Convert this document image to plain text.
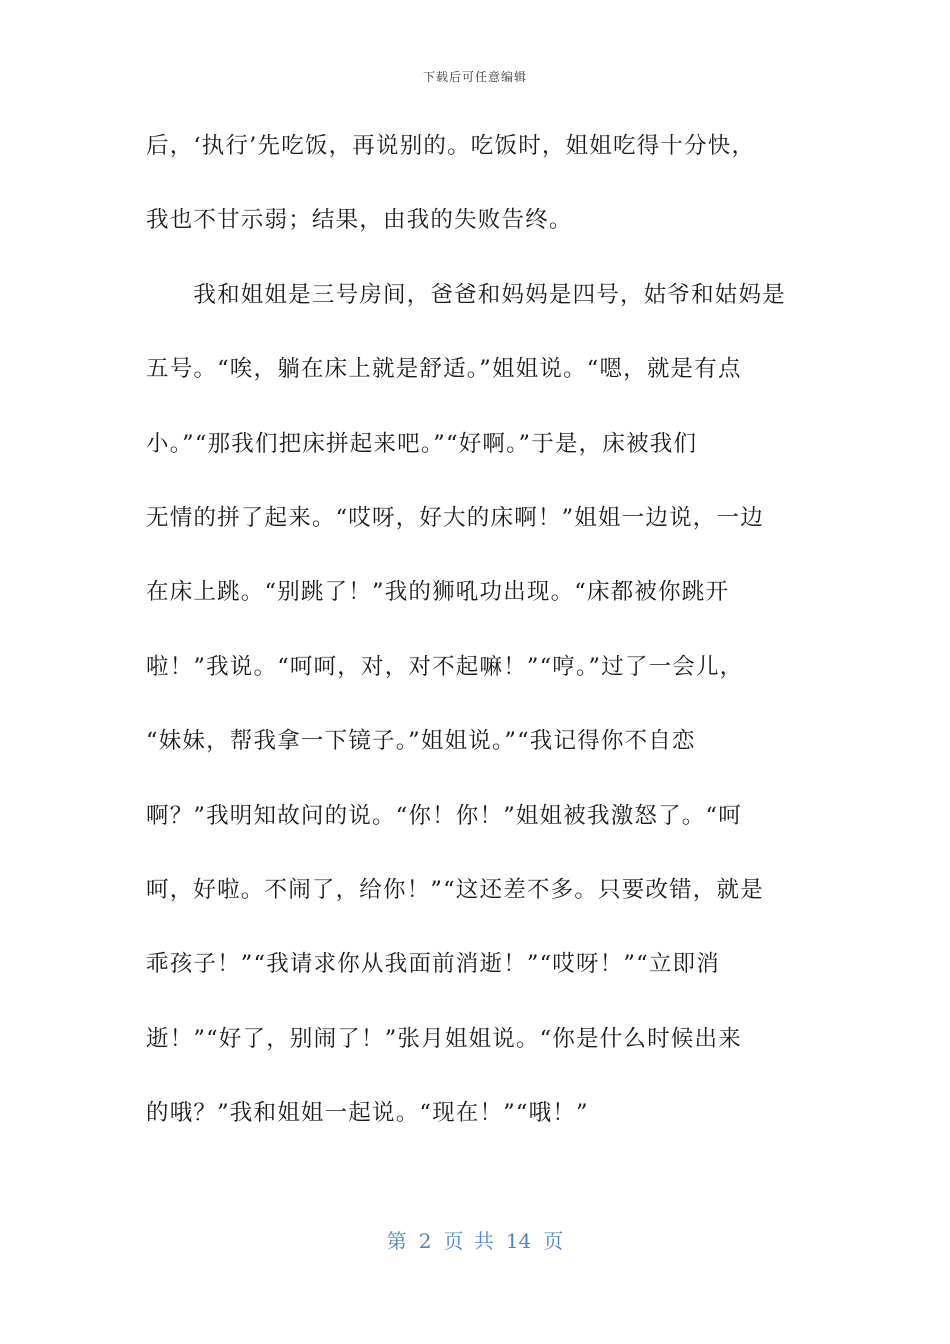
下载后可任意编辑
后，‘执行’先吃饭，再说别的。吃饭时，姐姐吃得十分快，
我也不甘示弱；结果，由我的失败告终。
　　我和姐姐是三号房间，爸爸和妈妈是四号，姑爷和姑妈是
五号。“唉，躺在床上就是舒适。”姐姐说。“嗯，就是有点
小。”“那我们把床拼起来吧。”“好啊。”于是，床被我们
无情的拼了起来。“哎呀，好大的床啊！”姐姐一边说，一边
在床上跳。“别跳了！”我的狮吼功出现。“床都被你跳开
啦！”我说。“呵呵，对，对不起嘛！”“哼。”过了一会儿，
“妹妹，帮我拿一下镜子。”姐姐说。”“我记得你不自恋
啊？”我明知故问的说。“你！你！”姐姐被我激怒了。“呵
呵，好啦。不闹了，给你！”“这还差不多。只要改错，就是
乖孩子！”“我请求你从我面前消逝！”“哎呀！”“立即消
逝！”“好了，别闹了！”张月姐姐说。“你是什么时候出来
的哦？”我和姐姐一起说。“现在！”“哦！”
第 2 页 共 14 页
